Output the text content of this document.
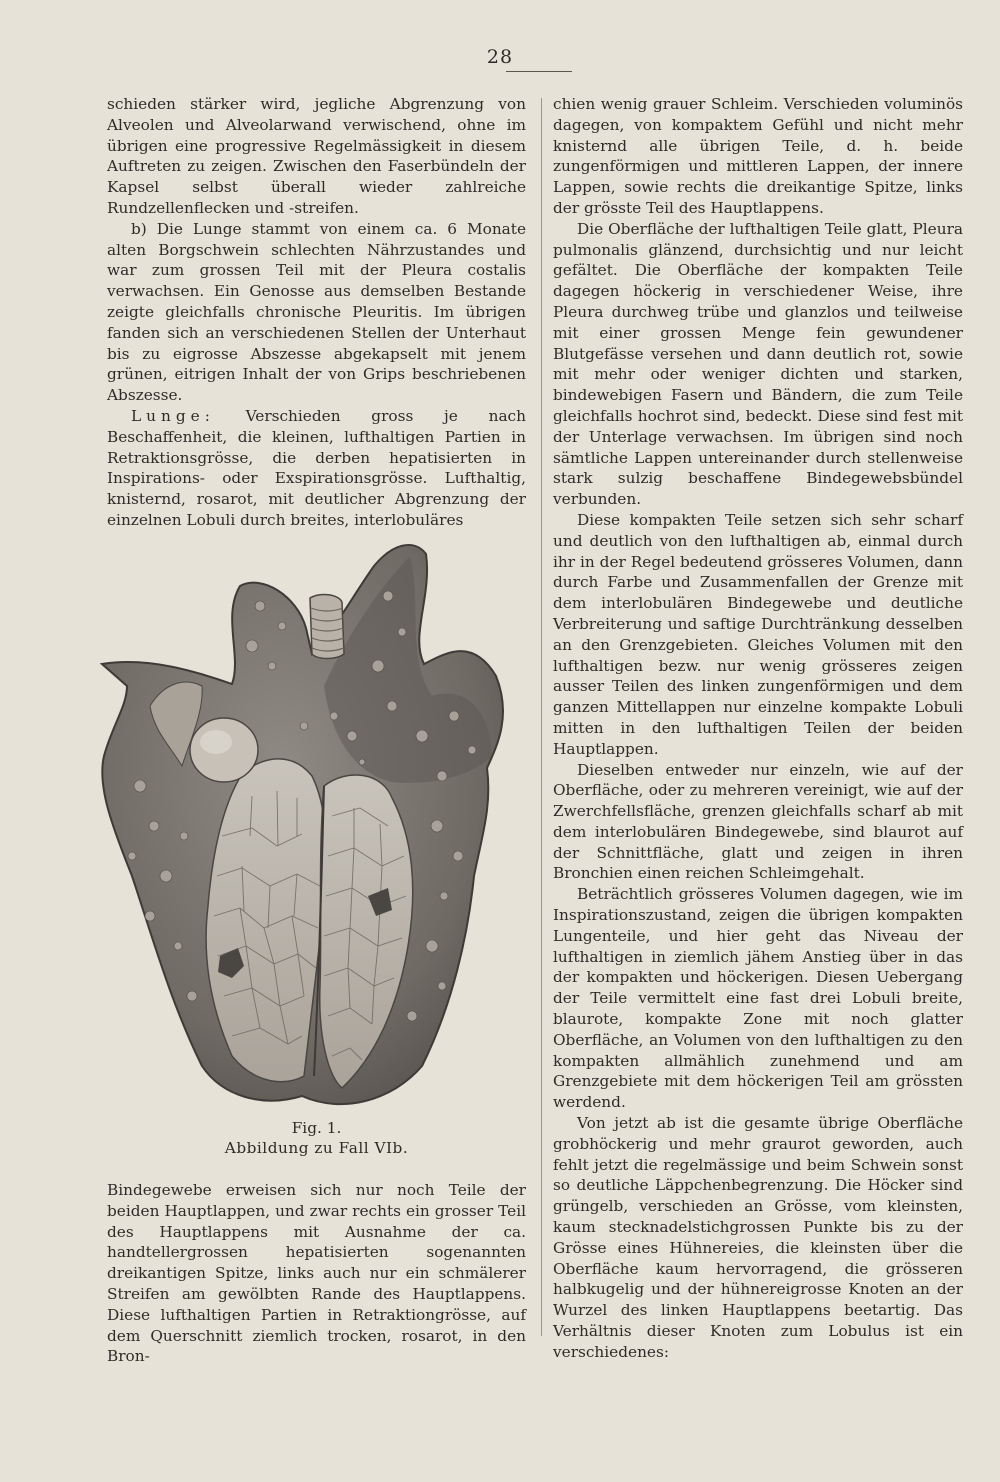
28

schieden stärker wird, jegliche Abgrenzung von Alveolen und Alveolarwand verwischend, ohne im übrigen eine progressive Regelmässigkeit in diesem Auftreten zu zeigen. Zwischen den Faserbündeln der Kapsel selbst überall wieder zahlreiche Rundzellenflecken und -streifen.

b) Die Lunge stammt von einem ca. 6 Monate alten Borgschwein schlechten Nährzustandes und war zum grossen Teil mit der Pleura costalis verwachsen. Ein Genosse aus demselben Bestande zeigte gleichfalls chronische Pleuritis. Im übrigen fanden sich an verschiedenen Stellen der Unterhaut bis zu eigrosse Abszesse abgekapselt mit jenem grünen, eitrigen Inhalt der von Grips beschriebenen Abszesse.

Lunge: Verschieden gross je nach Beschaffenheit, die kleinen, lufthaltigen Partien in Retraktionsgrösse, die derben hepatisierten in Inspirations- oder Exspirationsgrösse. Lufthaltig, knisternd, rosarot, mit deutlicher Abgrenzung der einzelnen Lobuli durch breites, interlobuläres

Fig. 1.
Abbildung zu Fall VIb.

Bindegewebe erweisen sich nur noch Teile der beiden Hauptlappen, und zwar rechts ein grosser Teil des Hauptlappens mit Ausnahme der ca. handtellergrossen hepatisierten sogenannten dreikantigen Spitze, links auch nur ein schmälerer Streifen am gewölbten Rande des Hauptlappens. Diese lufthaltigen Partien in Retraktiongrösse, auf dem Querschnitt ziemlich trocken, rosarot, in den Bron-

chien wenig grauer Schleim. Verschieden voluminös dagegen, von kompaktem Gefühl und nicht mehr knisternd alle übrigen Teile, d. h. beide zungenförmigen und mittleren Lappen, der innere Lappen, sowie rechts die dreikantige Spitze, links der grösste Teil des Hauptlappens.

Die Oberfläche der lufthaltigen Teile glatt, Pleura pulmonalis glänzend, durchsichtig und nur leicht gefältet. Die Oberfläche der kompakten Teile dagegen höckerig in verschiedener Weise, ihre Pleura durchweg trübe und glanzlos und teilweise mit einer grossen Menge fein gewundener Blutgefässe versehen und dann deutlich rot, sowie mit mehr oder weniger dichten und starken, bindewebigen Fasern und Bändern, die zum Teile gleichfalls hochrot sind, bedeckt. Diese sind fest mit der Unterlage verwachsen. Im übrigen sind noch sämtliche Lappen untereinander durch stellenweise stark sulzig beschaffene Bindegewebsbündel verbunden.

Diese kompakten Teile setzen sich sehr scharf und deutlich von den lufthaltigen ab, einmal durch ihr in der Regel bedeutend grösseres Volumen, dann durch Farbe und Zusammenfallen der Grenze mit dem interlobulären Bindegewebe und deutliche Verbreiterung und saftige Durchtränkung desselben an den Grenzgebieten. Gleiches Volumen mit den lufthaltigen bezw. nur wenig grösseres zeigen ausser Teilen des linken zungenförmigen und dem ganzen Mittellappen nur einzelne kompakte Lobuli mitten in den lufthaltigen Teilen der beiden Hauptlappen.

Dieselben entweder nur einzeln, wie auf der Oberfläche, oder zu mehreren vereinigt, wie auf der Zwerchfellsfläche, grenzen gleichfalls scharf ab mit dem interlobulären Bindegewebe, sind blaurot auf der Schnittfläche, glatt und zeigen in ihren Bronchien einen reichen Schleimgehalt.

Beträchtlich grösseres Volumen dagegen, wie im Inspirationszustand, zeigen die übrigen kompakten Lungenteile, und hier geht das Niveau der lufthaltigen in ziemlich jähem Anstieg über in das der kompakten und höckerigen. Diesen Uebergang der Teile vermittelt eine fast drei Lobuli breite, blaurote, kompakte Zone mit noch glatter Oberfläche, an Volumen von den lufthaltigen zu den kompakten allmählich zunehmend und am Grenzgebiete mit dem höckerigen Teil am grössten werdend.

Von jetzt ab ist die gesamte übrige Oberfläche grobhöckerig und mehr graurot geworden, auch fehlt jetzt die regelmässige und beim Schwein sonst so deutliche Läppchenbegrenzung. Die Höcker sind grüngelb, verschieden an Grösse, vom kleinsten, kaum stecknadelstichgrossen Punkte bis zu der Grösse eines Hühnereies, die kleinsten über die Oberfläche kaum hervorragend, die grösseren halbkugelig und der hühnereigrosse Knoten an der Wurzel des linken Hauptlappens beetartig. Das Verhältnis dieser Knoten zum Lobulus ist ein verschiedenes:
